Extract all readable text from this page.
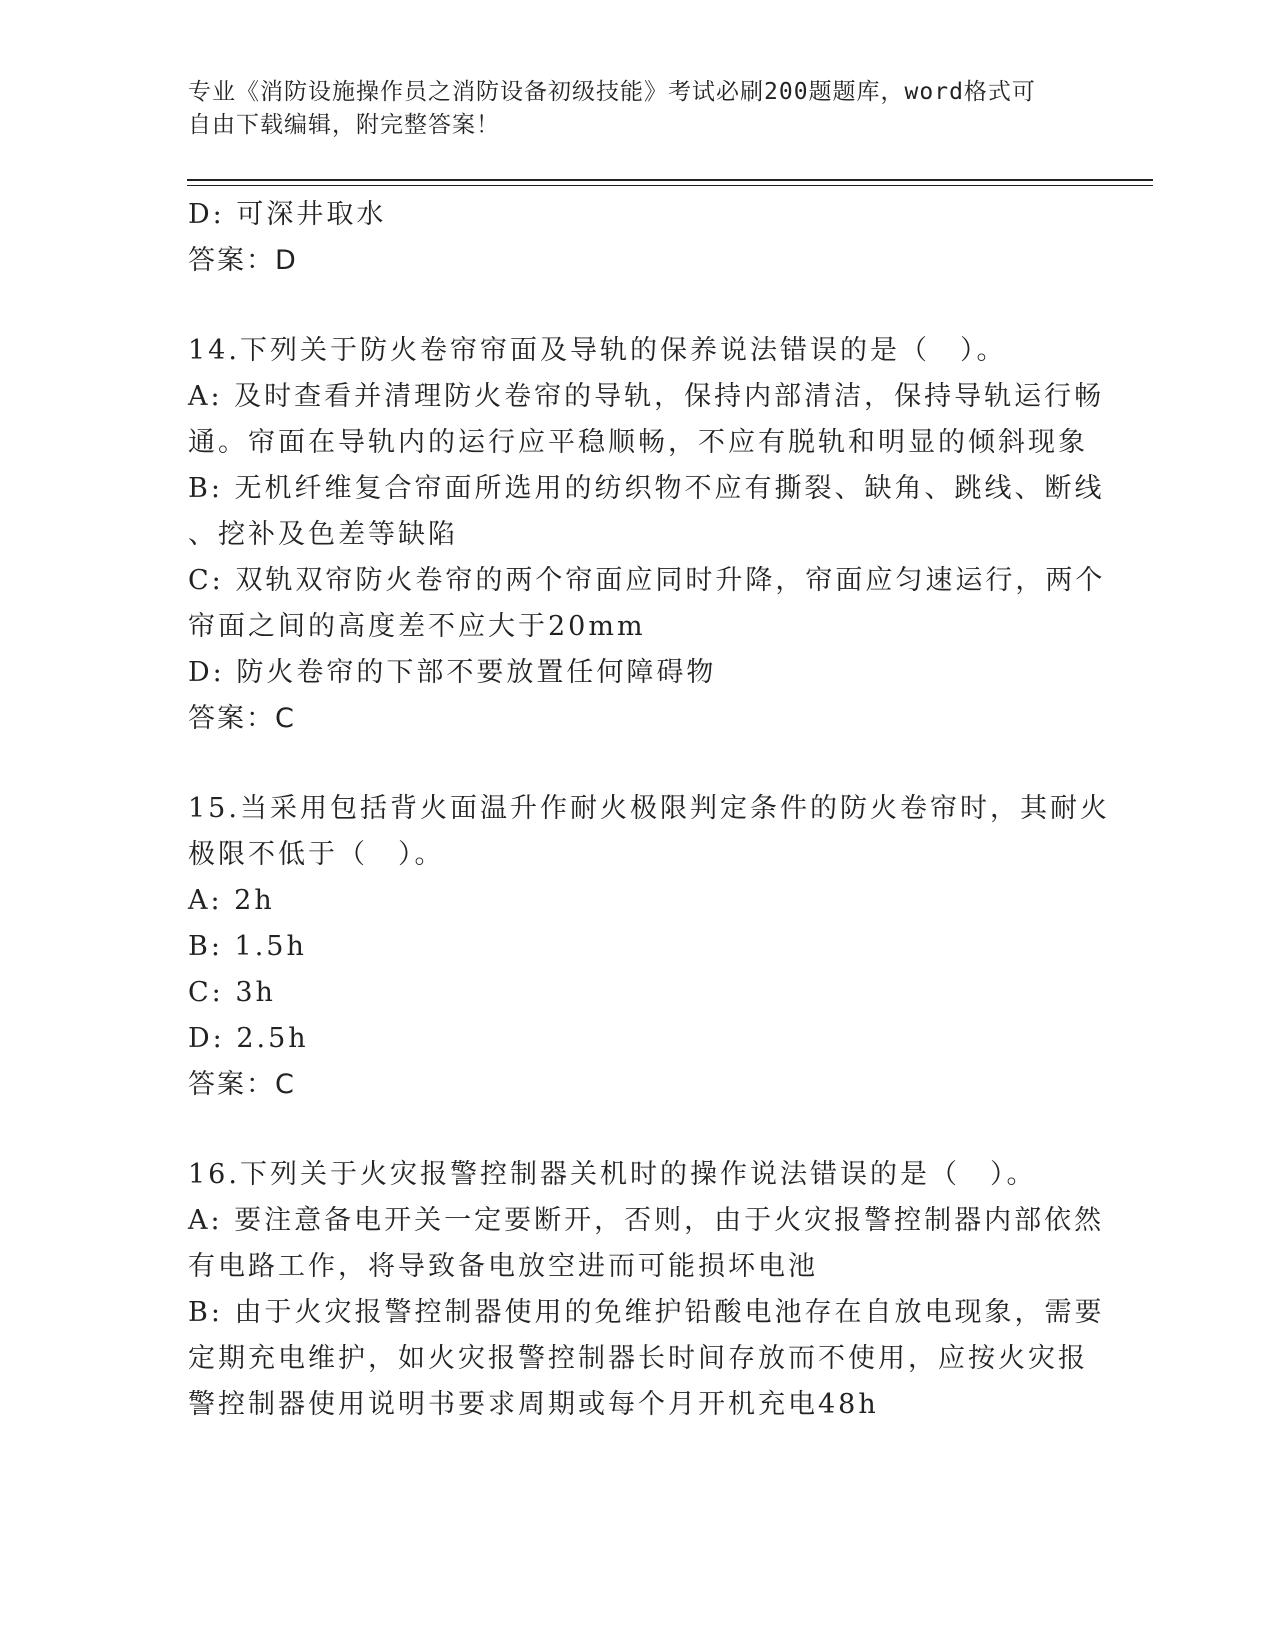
专业《消防设施操作员之消防设备初级技能》考试必刷200题题库，word格式可
自由下载编辑，附完整答案！
D: 可深井取水
答案：D
14.下列关于防火卷帘帘面及导轨的保养说法错误的是（　）。
A: 及时查看并清理防火卷帘的导轨，保持内部清洁，保持导轨运行畅
通。帘面在导轨内的运行应平稳顺畅，不应有脱轨和明显的倾斜现象
B: 无机纤维复合帘面所选用的纺织物不应有撕裂、缺角、跳线、断线
、挖补及色差等缺陷
C: 双轨双帘防火卷帘的两个帘面应同时升降，帘面应匀速运行，两个
帘面之间的高度差不应大于20mm
D: 防火卷帘的下部不要放置任何障碍物
答案：C
15.当采用包括背火面温升作耐火极限判定条件的防火卷帘时，其耐火
极限不低于（　）。
A: 2h
B: 1.5h
C: 3h
D: 2.5h
答案：C
16.下列关于火灾报警控制器关机时的操作说法错误的是（　）。
A: 要注意备电开关一定要断开，否则，由于火灾报警控制器内部依然
有电路工作，将导致备电放空进而可能损坏电池
B: 由于火灾报警控制器使用的免维护铅酸电池存在自放电现象，需要
定期充电维护，如火灾报警控制器长时间存放而不使用，应按火灾报
警控制器使用说明书要求周期或每个月开机充电48h
